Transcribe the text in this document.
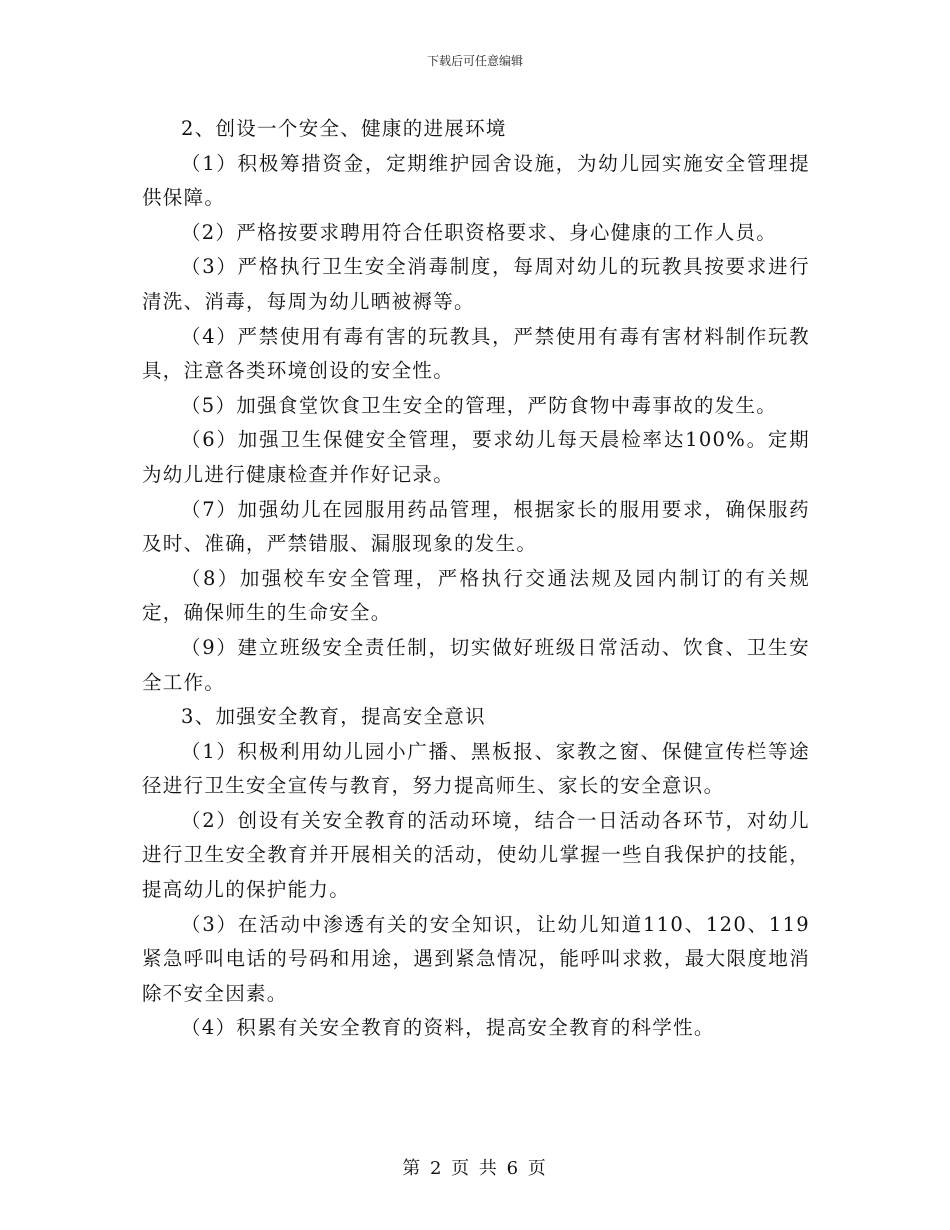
下载后可任意编辑

2、创设一个安全、健康的进展环境

（1）积极筹措资金，定期维护园舍设施，为幼儿园实施安全管理提供保障。

（2）严格按要求聘用符合任职资格要求、身心健康的工作人员。

（3）严格执行卫生安全消毒制度，每周对幼儿的玩教具按要求进行清洗、消毒，每周为幼儿晒被褥等。

（4）严禁使用有毒有害的玩教具，严禁使用有毒有害材料制作玩教具，注意各类环境创设的安全性。

（5）加强食堂饮食卫生安全的管理，严防食物中毒事故的发生。

（6）加强卫生保健安全管理，要求幼儿每天晨检率达100%。定期为幼儿进行健康检查并作好记录。

（7）加强幼儿在园服用药品管理，根据家长的服用要求，确保服药及时、准确，严禁错服、漏服现象的发生。

（8）加强校车安全管理，严格执行交通法规及园内制订的有关规定，确保师生的生命安全。

（9）建立班级安全责任制，切实做好班级日常活动、饮食、卫生安全工作。

3、加强安全教育，提高安全意识

（1）积极利用幼儿园小广播、黑板报、家教之窗、保健宣传栏等途径进行卫生安全宣传与教育，努力提高师生、家长的安全意识。

（2）创设有关安全教育的活动环境，结合一日活动各环节，对幼儿进行卫生安全教育并开展相关的活动，使幼儿掌握一些自我保护的技能，提高幼儿的保护能力。

（3）在活动中渗透有关的安全知识，让幼儿知道110、120、119紧急呼叫电话的号码和用途，遇到紧急情况，能呼叫求救，最大限度地消除不安全因素。

（4）积累有关安全教育的资料，提高安全教育的科学性。

第 2 页 共 6 页
